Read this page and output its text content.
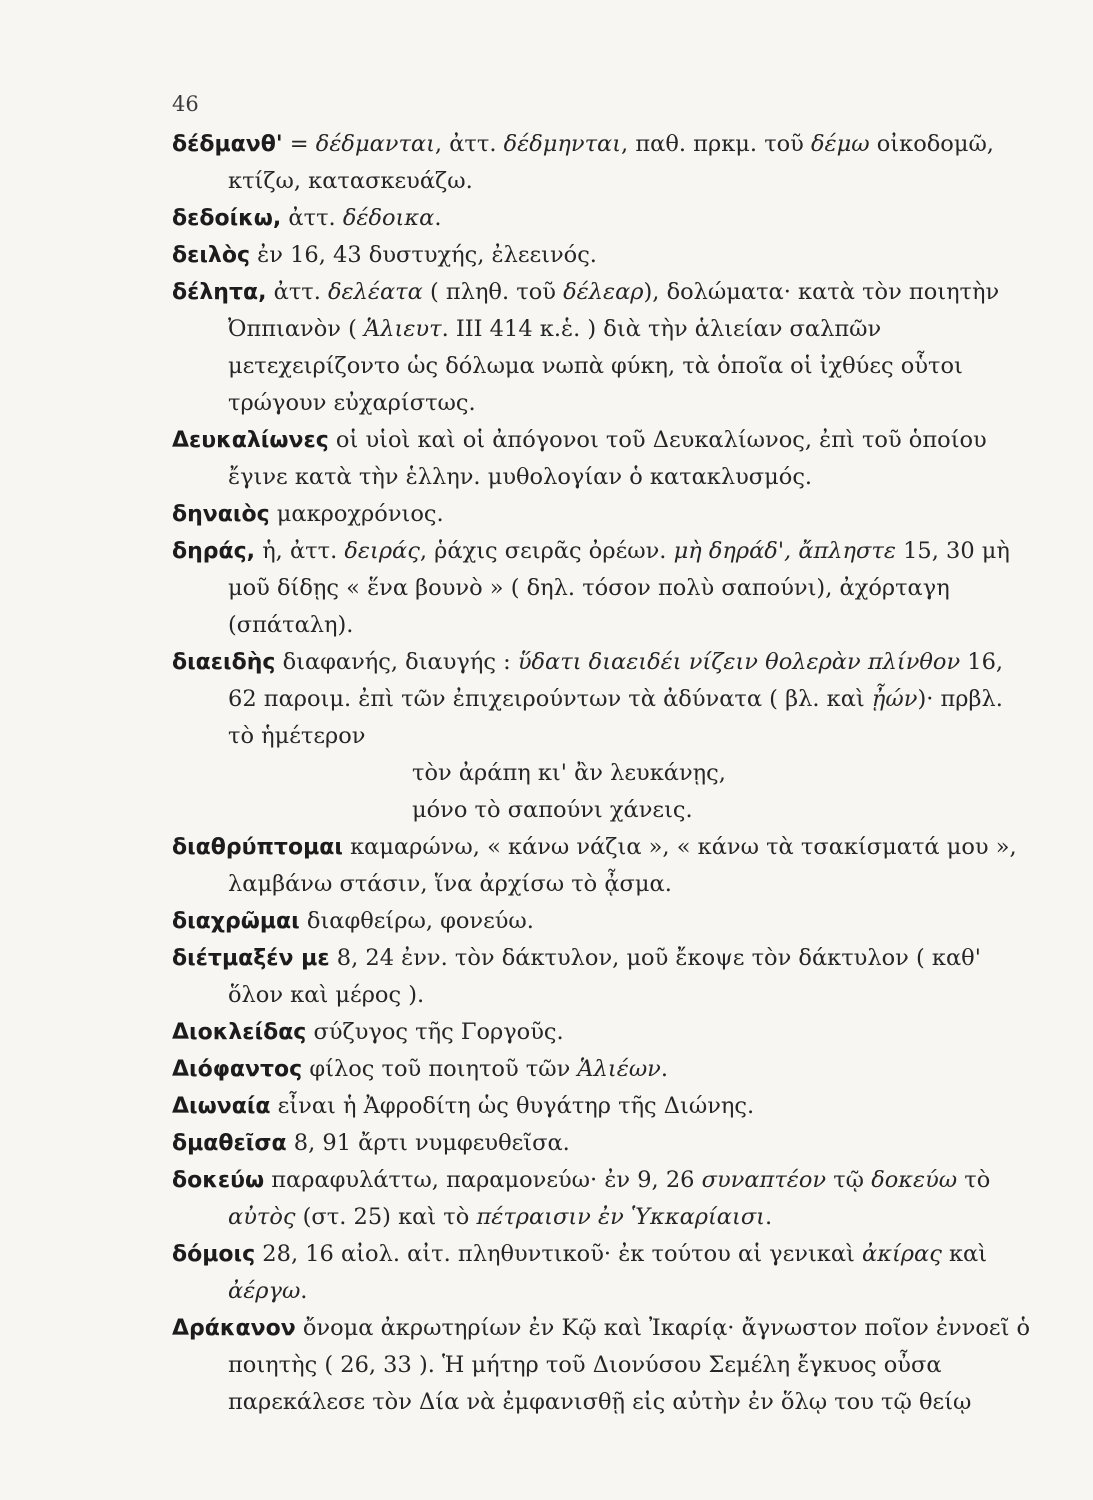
46

δέδμανθ' = δέδμανται, ἀττ. δέδμηνται, παθ. πρκμ. τοῦ δέμω οἰκοδομῶ, κτίζω, κατασκευάζω.

δεδοίκω, ἀττ. δέδοικα.

δειλὸς ἐν 16, 43 δυστυχής, ἐλεεινός.

δέλητα, ἀττ. δελέατα ( πληθ. τοῦ δέλεαρ), δολώματα· κατὰ τὸν ποιητὴν Ὀππιανὸν ( Ἁλιευτ. III 414 κ.ἑ. ) διὰ τὴν ἁλιείαν σαλπῶν μετεχειρίζοντο ὡς δόλωμα νωπὰ φύκη, τὰ ὁποῖα οἱ ἰχθύες οὗτοι τρώγουν εὐχαρίστως.

Δευκαλίωνες οἱ υἱοὶ καὶ οἱ ἀπόγονοι τοῦ Δευκαλίωνος, ἐπὶ τοῦ ὁποίου ἔγινε κατὰ τὴν ἑλλην. μυθολογίαν ὁ κατακλυσμός.

δηναιὸς μακροχρόνιος.

δηράς, ἡ, ἀττ. δειράς, ῥάχις σειρᾶς ὀρέων. μὴ δηράδ', ἄπληστε 15, 30 μὴ μοῦ δίδῃς « ἕνα βουνὸ » ( δηλ. τόσον πολὺ σαπούνι), ἀχόρταγη (σπάταλη).

διαειδὴς διαφανής, διαυγής : ὕδατι διαειδέι νίζειν θολερὰν πλίνθον 16, 62 παροιμ. ἐπὶ τῶν ἐπιχειρούντων τὰ ἀδύνατα ( βλ. καὶ ᾖών)· πρβλ. τὸ ἡμέτερον

τὸν ἀράπη κι' ἂν λευκάνῃς,
μόνο τὸ σαπούνι χάνεις.

διαθρύπτομαι καμαρώνω, « κάνω νάζια », « κάνω τὰ τσακίσματά μου », λαμβάνω στάσιν, ἵνα ἀρχίσω τὸ ᾆσμα.

διαχρῶμαι διαφθείρω, φονεύω.

διέτμαξέν με 8, 24 ἐνν. τὸν δάκτυλον, μοῦ ἔκοψε τὸν δάκτυλον ( καθ' ὅλον καὶ μέρος ).

Διοκλείδας σύζυγος τῆς Γοργοῦς.

Διόφαντος φίλος τοῦ ποιητοῦ τῶν Ἁλιέων.

Διωναία εἶναι ἡ Ἀφροδίτη ὡς θυγάτηρ τῆς Διώνης.

δμαθεῖσα 8, 91 ἄρτι νυμφευθεῖσα.

δοκεύω παραφυλάττω, παραμονεύω· ἐν 9, 26 συναπτέον τῷ δοκεύω τὸ αὐτὸς (στ. 25) καὶ τὸ πέτραισιν ἐν Ὑκκαρίαισι.

δόμοις 28, 16 αἰολ. αἰτ. πληθυντικοῦ· ἐκ τούτου αἱ γενικαὶ ἀκίρας καὶ ἀέργω.

Δράκανον ὄνομα ἀκρωτηρίων ἐν Κῷ καὶ Ἰκαρίᾳ· ἄγνωστον ποῖον ἐννοεῖ ὁ ποιητὴς ( 26, 33 ). Ἡ μήτηρ τοῦ Διονύσου Σεμέλη ἔγκυος οὖσα παρεκάλεσε τὸν Δία νὰ ἐμφανισθῇ εἰς αὐτὴν ἐν ὅλῳ του τῷ θείῳ
